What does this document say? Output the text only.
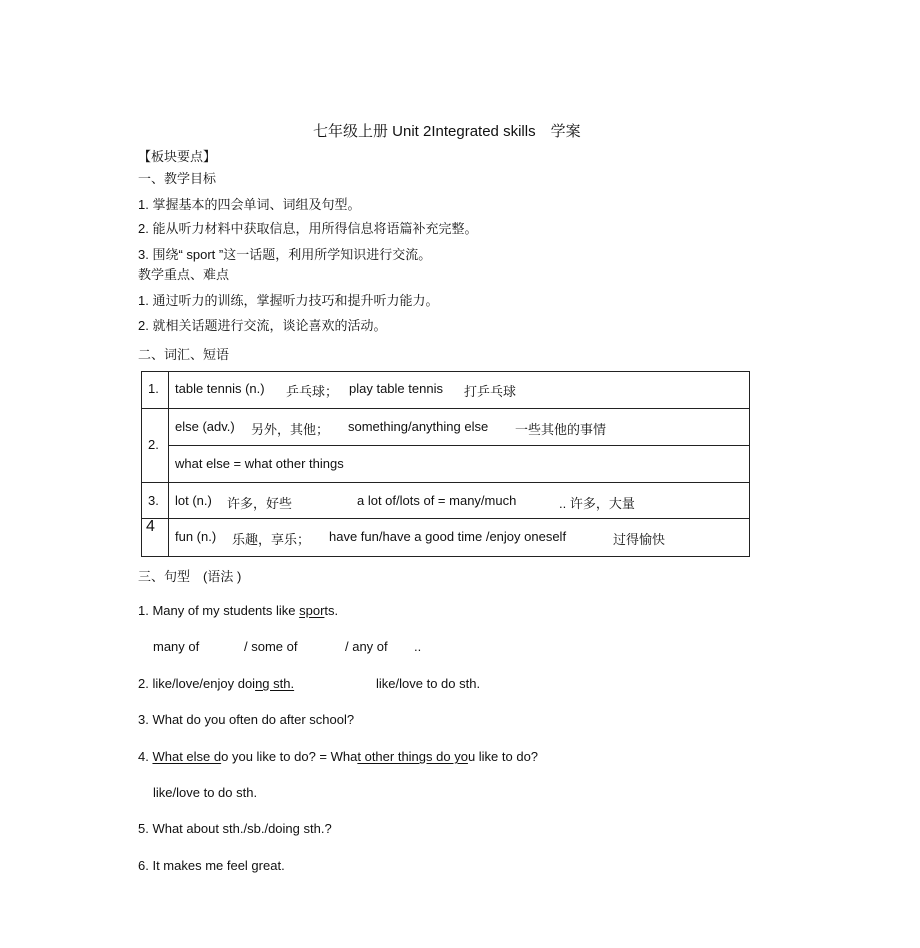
七年级上册 Unit 2Integrated skills　学案
【板块要点】
一、教学目标
1. 掌握基本的四会单词、词组及句型。
2. 能从听力材料中获取信息，用所得信息将语篇补充完整。
3. 围绕“ sport ”这一话题，利用所学知识进行交流。
教学重点、难点
1. 通过听力的训练，掌握听力技巧和提升听力能力。
2. 就相关话题进行交流，谈论喜欢的活动。
二、词汇、短语
1. table tennis (n.) 乒乓球； play table tennis 打乒乓球
2.
else (adv.) 另外，其他； something/anything else 一些其他的事情
what else = what other things
3. lot (n.) 许多，好些	a lot of/lots of = many/much	.. 许多，大量
4
fun (n.) 乐趣，享乐； have fun/have a good time /enjoy oneself	过得愉快
三、句型　(语法 )
1. Many of my students like sports.
many of	/ some of	/ any of ..
2. like/love/enjoy doing sth.	like/love to do sth.
3. What do you often do after school?
4. What else do you like to do? = What other things do you like to do?
like/love to do sth.
5. What about sth./sb./doing sth.?
6. It makes me feel great.
